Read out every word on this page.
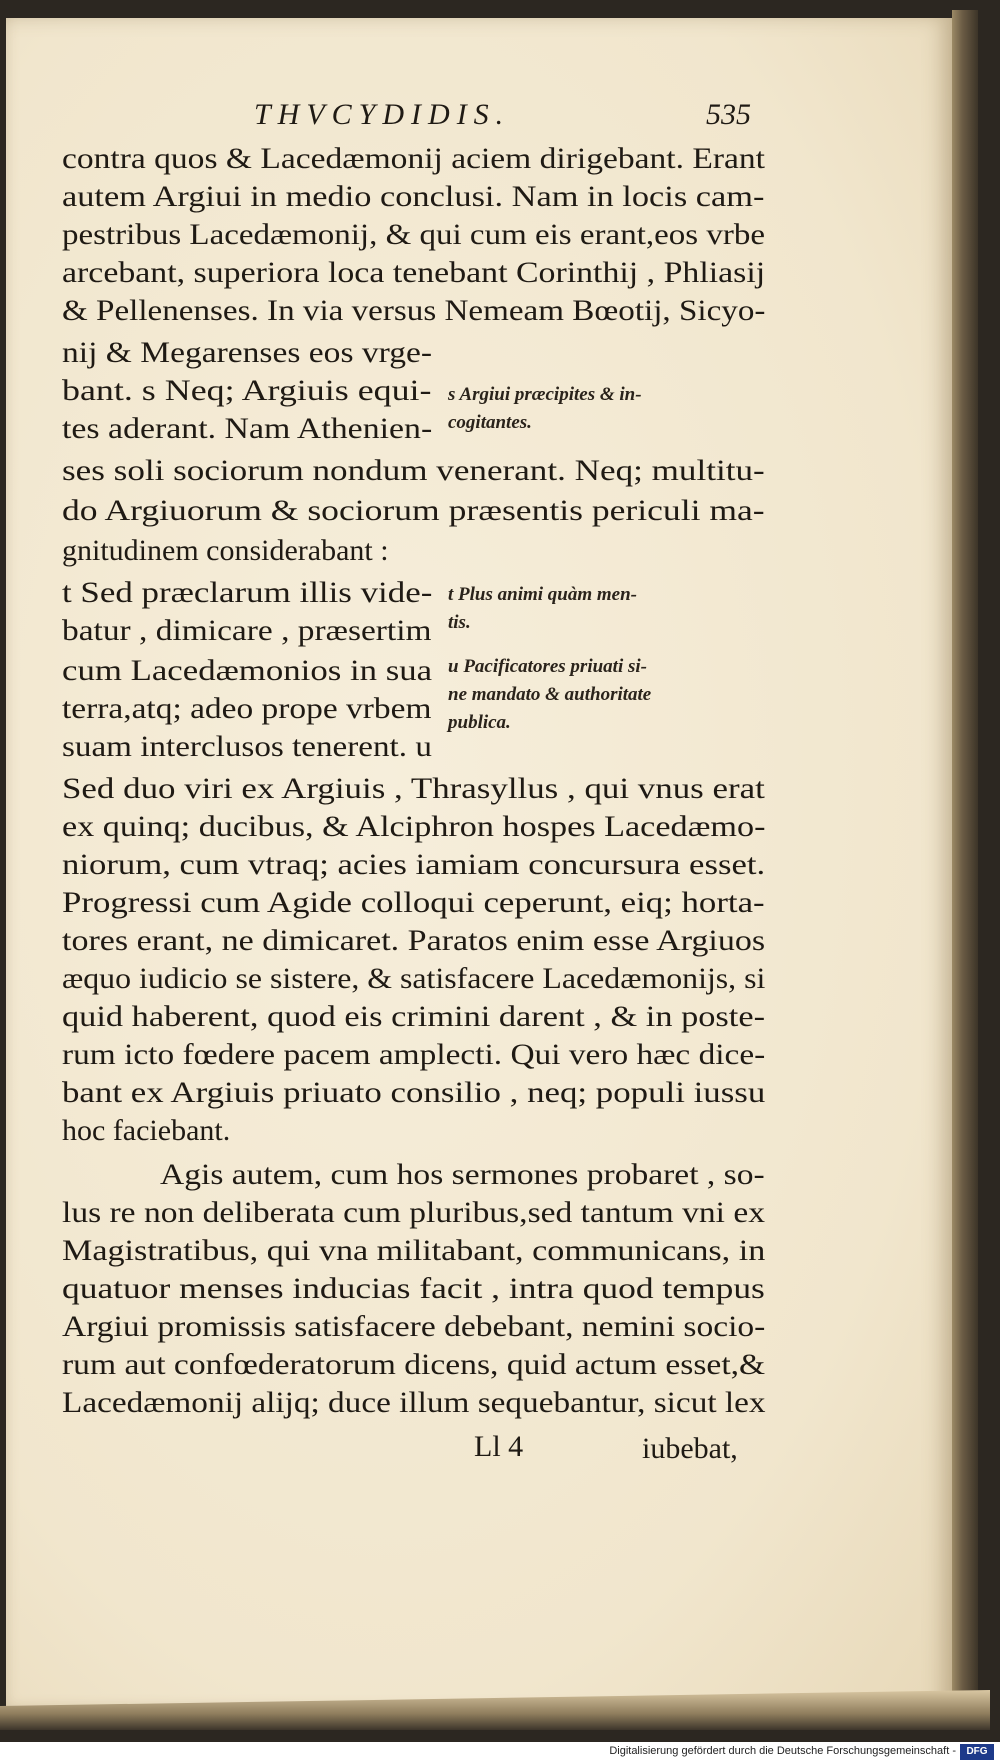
THVCYDIDIS.	535
contra quos & Lacedæmonij aciem dirigebant. Erant
autem Argiui in medio conclusi. Nam in locis cam-
pestribus Lacedæmonij, & qui cum eis erant,eos vrbe
arcebant, superiora loca tenebant Corinthij , Phliasij
& Pellenenses. In via versus Nemeam Bœotij, Sicyo-
nij & Megarenses eos vrge-
bant. s Neq; Argiuis equi-
tes aderant. Nam Athenien-
ses soli sociorum nondum venerant. Neq; multitu-
do Argiuorum & sociorum præsentis periculi ma-
gnitudinem considerabant :
t Sed præclarum illis vide-
batur , dimicare , præsertim
cum Lacedæmonios in sua
terra,atq; adeo prope vrbem
suam interclusos tenerent. u
Sed duo viri ex Argiuis , Thrasyllus , qui vnus erat
ex quinq; ducibus, & Alciphron hospes Lacedæmo-
niorum, cum vtraq; acies iamiam concursura esset.
Progressi cum Agide colloqui ceperunt, eiq; horta-
tores erant, ne dimicaret. Paratos enim esse Argiuos
æquo iudicio se sistere, & satisfacere Lacedæmonijs, si
quid haberent, quod eis crimini darent , & in poste-
rum icto fœdere pacem amplecti. Qui vero hæc dice-
bant ex Argiuis priuato consilio , neq; populi iussu
hoc faciebant.
Agis autem, cum hos sermones probaret , so-
lus re non deliberata cum pluribus,sed tantum vni ex
Magistratibus, qui vna militabant, communicans, in
quatuor menses inducias facit , intra quod tempus
Argiui promissis satisfacere debebant, nemini socio-
rum aut confœderatorum dicens, quid actum esset,&
Lacedæmonij alijq; duce illum sequebantur, sicut lex
s Argiui præcipites & in-
cogitantes.
t Plus animi quàm men-
tis.
u Pacificatores priuati si-
ne mandato & authoritate
publica.
Ll 4	iubebat,
Digitalisierung gefördert durch die Deutsche Forschungsgemeinschaft -	DFG
